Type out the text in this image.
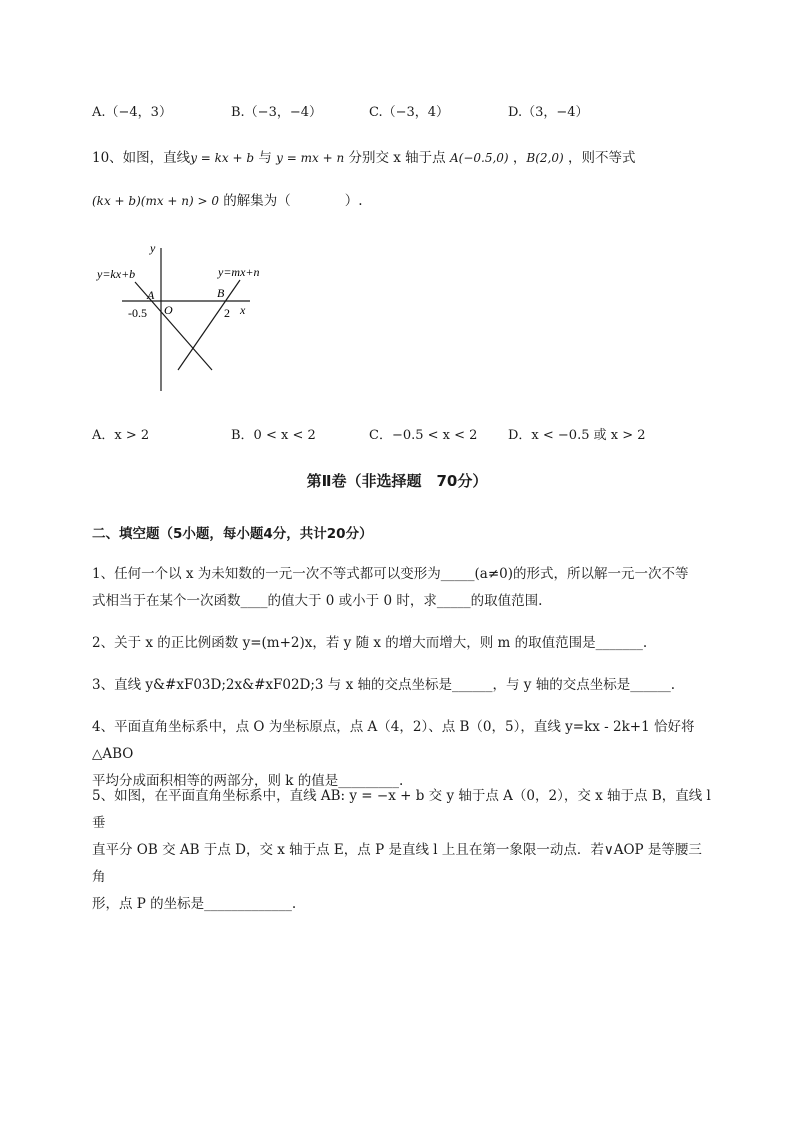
A.（−4，3）	B.（−3，−4）	C.（−3，4）	D.（3，−4）
10、如图，直线y = kx + b 与 y = mx + n 分别交 x 轴于点 A(−0.5,0) ，B(2,0) ，则不等式
(kx + b)(mx + n) > 0 的解集为（　　　　）.
y
x
y=kx+b	y=mx+n
A	B
O
-0.5	2
A．x > 2	B．0 < x < 2	C．−0.5 < x < 2 D．x < −0.5 或 x > 2
第Ⅱ卷（非选择题　70分）
二、填空题（5小题，每小题4分，共计20分）
1、任何一个以 x 为未知数的一元一次不等式都可以变形为_____(a≠0)的形式，所以解一元一次不等
式相当于在某个一次函数____的值大于 0 或小于 0 时，求_____的取值范围.
2、关于 x 的正比例函数 y=(m+2)x，若 y 随 x 的增大而增大，则 m 的取值范围是_______.
3、直线 y&#xF03D;2x&#xF02D;3 与 x 轴的交点坐标是______，与 y 轴的交点坐标是______.
4、平面直角坐标系中，点 O 为坐标原点，点 A（4，2）、点 B（0，5），直线 y=kx - 2k+1 恰好将△ABO
平均分成面积相等的两部分，则 k 的值是_________.
5、如图，在平面直角坐标系中，直线 AB: y = −x + b 交 y 轴于点 A（0，2），交 x 轴于点 B，直线 l 垂
直平分 OB 交 AB 于点 D，交 x 轴于点 E，点 P 是直线 l 上且在第一象限一动点．若∨AOP 是等腰三角
形，点 P 的坐标是_____________.
